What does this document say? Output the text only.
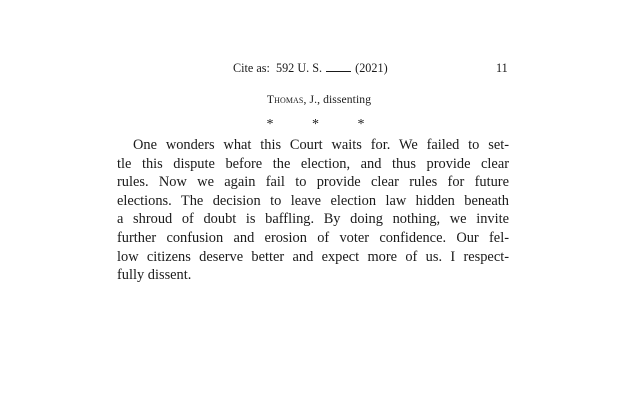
Cite as:  592 U. S.  (2021)	11
Thomas, J., dissenting
*	*	*
One wonders what this Court waits for. We failed to set-
tle this dispute before the election, and thus provide clear
rules. Now we again fail to provide clear rules for future
elections. The decision to leave election law hidden beneath
a shroud of doubt is baffling. By doing nothing, we invite
further confusion and erosion of voter confidence. Our fel-
low citizens deserve better and expect more of us. I respect-
fully dissent.
